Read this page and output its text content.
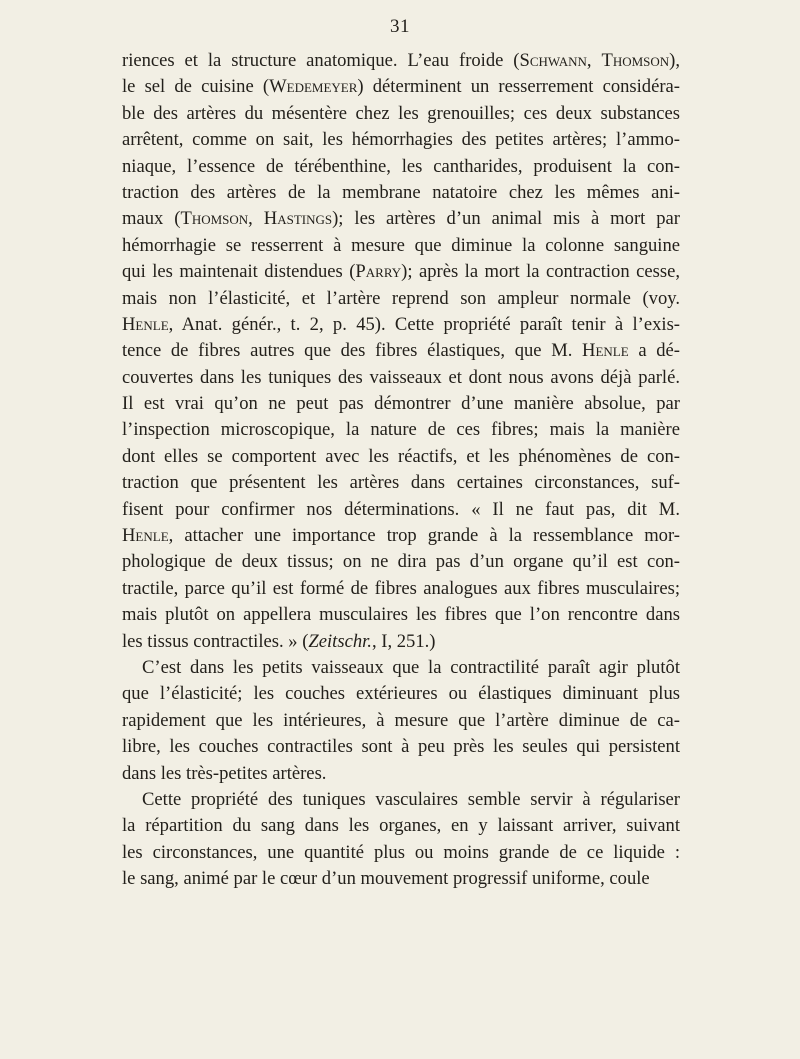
31
riences et la structure anatomique. L’eau froide (Schwann, Thomson),
le sel de cuisine (Wedemeyer) déterminent un resserrement considéra-
ble des artères du mésentère chez les grenouilles; ces deux substances
arrêtent, comme on sait, les hémorrhagies des petites artères; l’ammo-
niaque, l’essence de térébenthine, les cantharides, produisent la con-
traction des artères de la membrane natatoire chez les mêmes ani-
maux (Thomson, Hastings); les artères d’un animal mis à mort par
hémorrhagie se resserrent à mesure que diminue la colonne sanguine
qui les maintenait distendues (Parry); après la mort la contraction cesse,
mais non l’élasticité, et l’artère reprend son ampleur normale (voy.
Henle, Anat. génér., t. 2, p. 45). Cette propriété paraît tenir à l’exis-
tence de fibres autres que des fibres élastiques, que M. Henle a dé-
couvertes dans les tuniques des vaisseaux et dont nous avons déjà parlé.
Il est vrai qu’on ne peut pas démontrer d’une manière absolue, par
l’inspection microscopique, la nature de ces fibres; mais la manière
dont elles se comportent avec les réactifs, et les phénomènes de con-
traction que présentent les artères dans certaines circonstances, suf-
fisent pour confirmer nos déterminations. « Il ne faut pas, dit M.
Henle, attacher une importance trop grande à la ressemblance mor-
phologique de deux tissus; on ne dira pas d’un organe qu’il est con-
tractile, parce qu’il est formé de fibres analogues aux fibres musculaires;
mais plutôt on appellera musculaires les fibres que l’on rencontre dans
les tissus contractiles. » (Zeitschr., I, 251.)
C’est dans les petits vaisseaux que la contractilité paraît agir plutôt
que l’élasticité; les couches extérieures ou élastiques diminuant plus
rapidement que les intérieures, à mesure que l’artère diminue de ca-
libre, les couches contractiles sont à peu près les seules qui persistent
dans les très-petites artères.
Cette propriété des tuniques vasculaires semble servir à régulariser
la répartition du sang dans les organes, en y laissant arriver, suivant
les circonstances, une quantité plus ou moins grande de ce liquide :
le sang, animé par le cœur d’un mouvement progressif uniforme, coule
